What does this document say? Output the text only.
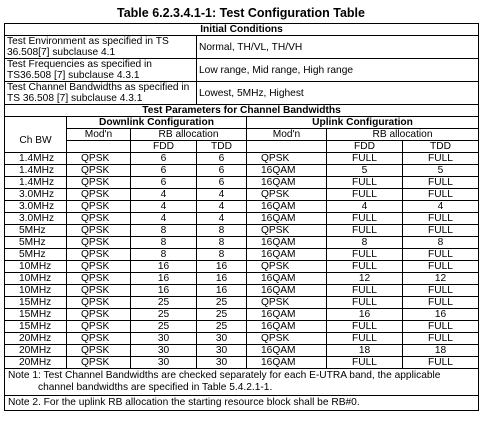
Table 6.2.3.4.1-1: Test Configuration Table
Initial Conditions						
Test Environment as specified in TS 36.508[7] subclause 4.1			Normal, TH/VL, TH/VH			
Test Frequencies as specified in TS36.508 [7] subclause 4.3.1			Low range, Mid range, High range			
Test Channel Bandwidths as specified in TS 36.508 [7] subclause 4.3.1			Lowest, 5MHz, Highest			
Test Parameters for Channel Bandwidths						
	Downlink Configuration			Uplink Configuration		
Ch BW	Mod'n	RB allocation		Mod'n	RB allocation	
		FDD	TDD		FDD	TDD
1.4MHz	QPSK	6	6	QPSK	FULL	FULL
1.4MHz	QPSK	6	6	16QAM	5	5
1.4MHz	QPSK	6	6	16QAM	FULL	FULL
3.0MHz	QPSK	4	4	QPSK	FULL	FULL
3.0MHz	QPSK	4	4	16QAM	4	4
3.0MHz	QPSK	4	4	16QAM	FULL	FULL
5MHz	QPSK	8	8	QPSK	FULL	FULL
5MHz	QPSK	8	8	16QAM	8	8
5MHz	QPSK	8	8	16QAM	FULL	FULL
10MHz	QPSK	16	16	QPSK	FULL	FULL
10MHz	QPSK	16	16	16QAM	12	12
10MHz	QPSK	16	16	16QAM	FULL	FULL
15MHz	QPSK	25	25	QPSK	FULL	FULL
15MHz	QPSK	25	25	16QAM	16	16
15MHz	QPSK	25	25	16QAM	FULL	FULL
20MHz	QPSK	30	30	QPSK	FULL	FULL
20MHz	QPSK	30	30	16QAM	18	18
20MHz	QPSK	30	30	16QAM	FULL	FULL

Note 1: Test Channel Bandwidths are checked separately for each E-UTRA band, the applicable
channel bandwidths are specified in Table 5.4.2.1-1.						

Note 2. For the uplink RB allocation the starting resource block shall be RB#0.						
